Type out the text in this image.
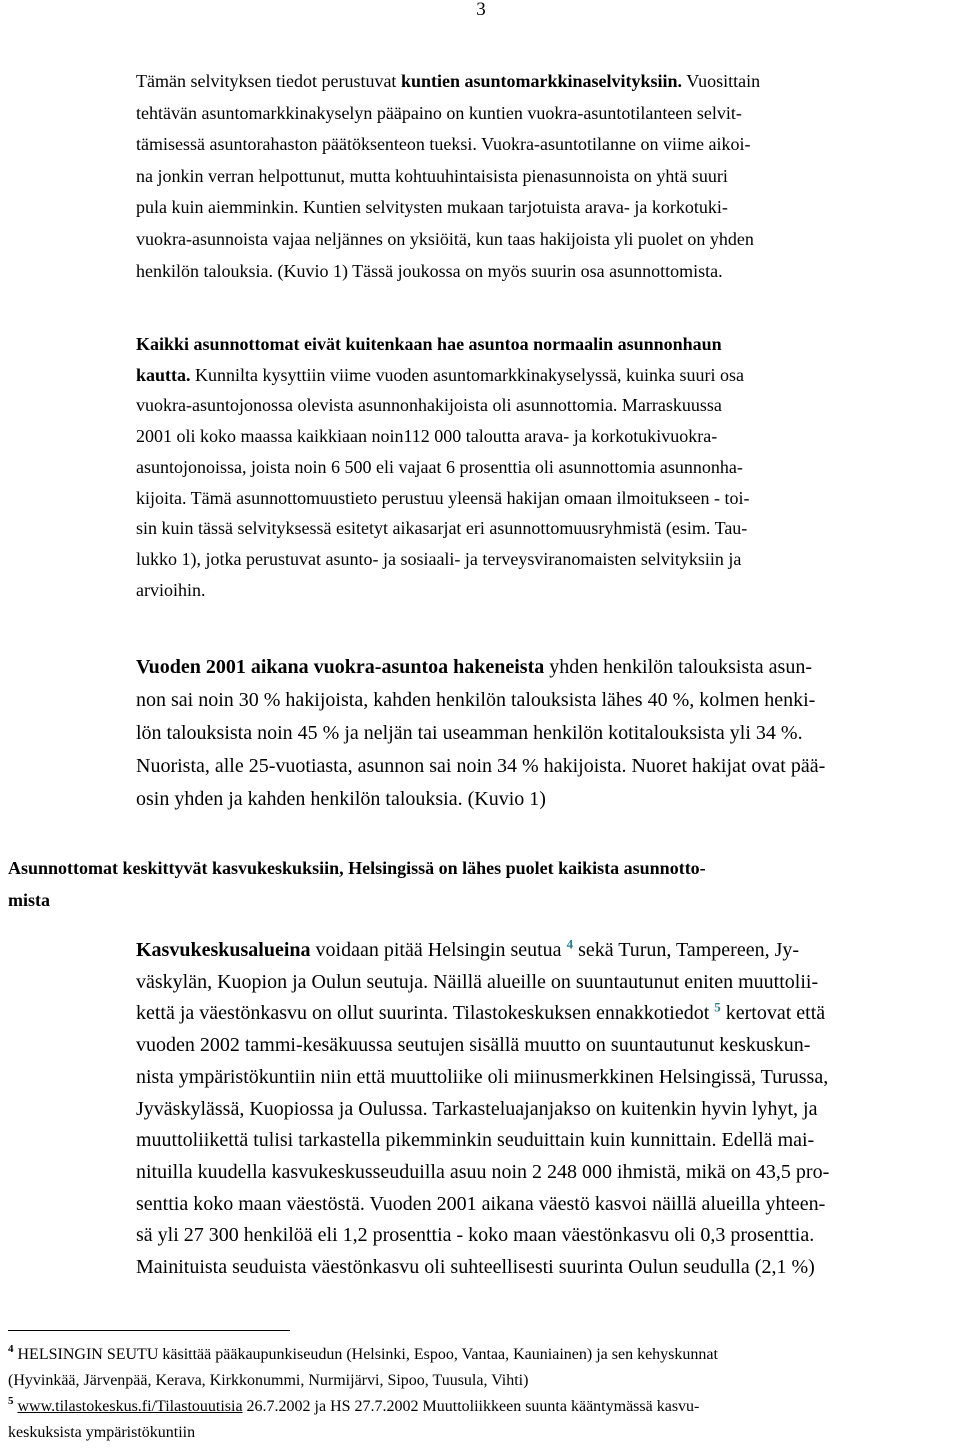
3
Tämän selvityksen tiedot perustuvat kuntien asuntomarkkinaselvityksiin. Vuosittain
tehtävän asuntomarkkinakyselyn pääpaino on kuntien vuokra-asuntotilanteen selvit-
tämisessä asuntorahaston päätöksenteon tueksi. Vuokra-asuntotilanne on viime aikoi-
na jonkin verran helpottunut, mutta kohtuuhintaisista pienasunnoista on yhtä suuri
pula kuin aiemminkin. Kuntien selvitysten mukaan tarjotuista arava- ja korkotuki-
vuokra-asunnoista vajaa neljännes on yksiöitä, kun taas hakijoista yli puolet on yhden
henkilön talouksia. (Kuvio 1) Tässä joukossa on myös suurin osa asunnottomista.
Kaikki asunnottomat eivät kuitenkaan hae asuntoa normaalin asunnonhaun
kautta. Kunnilta kysyttiin viime vuoden asuntomarkkinakyselyssä, kuinka suuri osa
vuokra-asuntojonossa olevista asunnonhakijoista oli asunnottomia. Marraskuussa
2001 oli koko maassa kaikkiaan noin112 000 taloutta arava- ja korkotukivuokra-
asuntojonoissa, joista noin 6 500 eli vajaat 6 prosenttia oli asunnottomia asunnonha-
kijoita. Tämä asunnottomuustieto perustuu yleensä hakijan omaan ilmoitukseen - toi-
sin kuin tässä selvityksessä esitetyt aikasarjat eri asunnottomuusryhmistä (esim. Tau-
lukko 1), jotka perustuvat asunto- ja sosiaali- ja terveysviranomaisten selvityksiin ja
arvioihin.
Vuoden 2001 aikana vuokra-asuntoa hakeneista yhden henkilön talouksista asun-
non sai noin 30 % hakijoista, kahden henkilön talouksista lähes 40 %, kolmen henki-
lön talouksista noin 45 % ja neljän tai useamman henkilön kotitalouksista yli 34 %.
Nuorista, alle 25-vuotiasta, asunnon sai noin 34 % hakijoista. Nuoret hakijat ovat pää-
osin yhden ja kahden henkilön talouksia. (Kuvio 1)
Asunnottomat keskittyvät kasvukeskuksiin, Helsingissä on lähes puolet kaikista asunnotto-
mista
Kasvukeskusalueina voidaan pitää Helsingin seutua $^4$ sekä Turun, Tampereen, Jy-
väskylän, Kuopion ja Oulun seutuja. Näillä alueille on suuntautunut eniten muuttolii-
kettä ja väestönkasvu on ollut suurinta. Tilastokeskuksen ennakkotiedot $^5$ kertovat että
vuoden 2002 tammi-kesäkuussa seutujen sisällä muutto on suuntautunut keskuskun-
nista ympäristökuntiin niin että muuttoliike oli miinusmerkkinen Helsingissä, Turussa,
Jyväskylässä, Kuopiossa ja Oulussa. Tarkasteluajanjakso on kuitenkin hyvin lyhyt, ja
muuttoliikettä tulisi tarkastella pikemminkin seuduittain kuin kunnittain. Edellä mai-
nituilla kuudella kasvukeskusseuduilla asuu noin 2 248 000 ihmistä, mikä on 43,5 pro-
senttia koko maan väestöstä. Vuoden 2001 aikana väestö kasvoi näillä alueilla yhteen-
sä yli 27 300 henkilöä eli 1,2 prosenttia - koko maan väestönkasvu oli 0,3 prosenttia.
Mainituista seuduista väestönkasvu oli suhteellisesti suurinta Oulun seudulla (2,1 %)
$^4$ HELSINGIN SEUTU käsittää pääkaupunkiseudun (Helsinki, Espoo, Vantaa, Kauniainen) ja sen kehyskunnat
(Hyvinkää, Järvenpää, Kerava, Kirkkonummi, Nurmijärvi, Sipoo, Tuusula, Vihti)
$^5$ www.tilastokeskus.fi/Tilastouutisia 26.7.2002 ja HS 27.7.2002 Muuttoliikkeen suunta kääntymässä kasvu-
keskuksista ympäristökuntiin
